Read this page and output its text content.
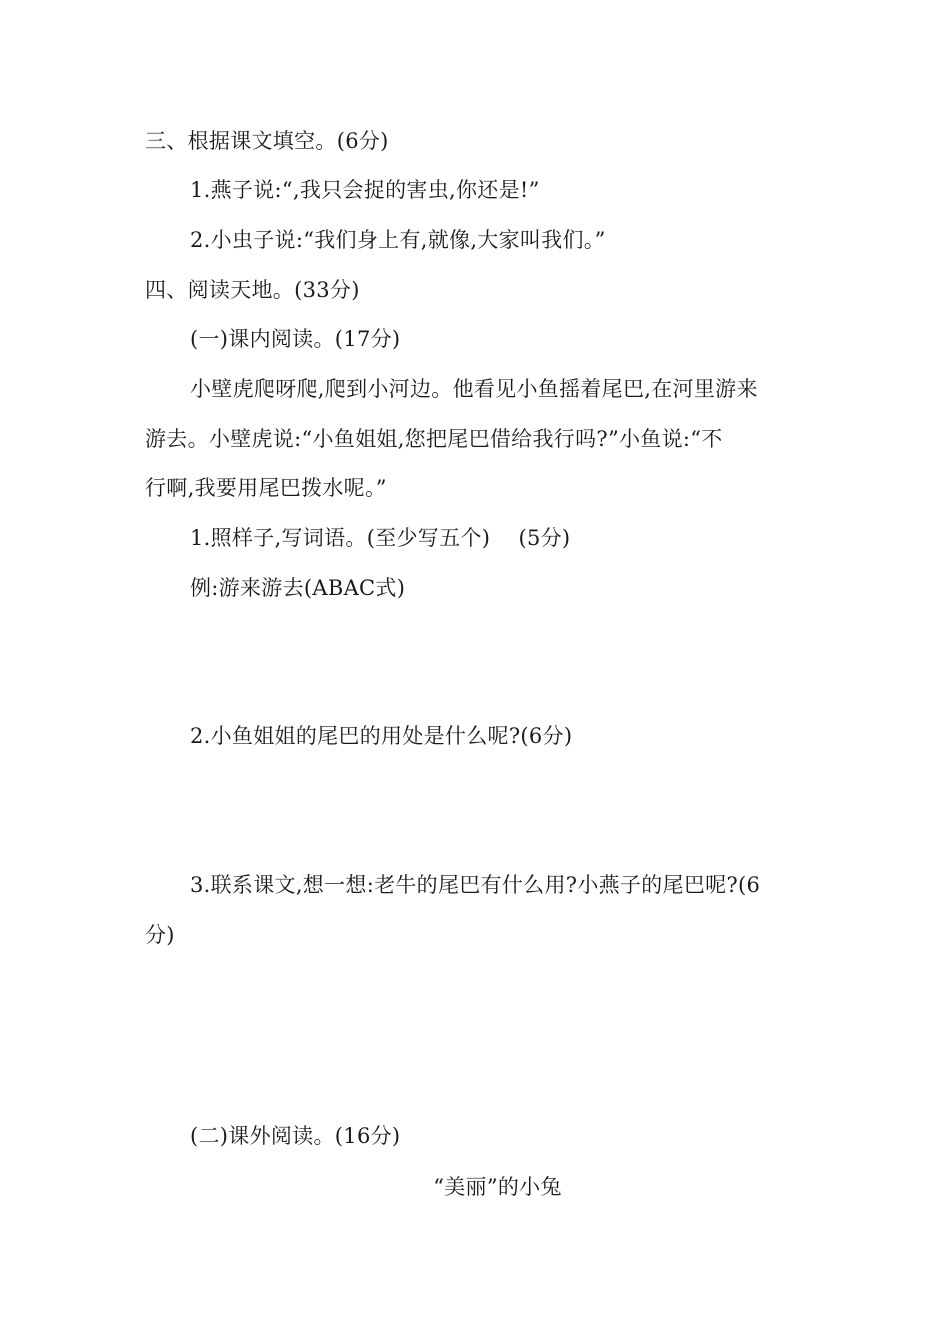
三、根据课文填空。(6分)
1.燕子说:“,我只会捉的害虫,你还是!”
2.小虫子说:“我们身上有,就像,大家叫我们。”
四、阅读天地。(33分)
(一)课内阅读。(17分)
小壁虎爬呀爬,爬到小河边。他看见小鱼摇着尾巴,在河里游来
游去。小壁虎说:“小鱼姐姐,您把尾巴借给我行吗?”小鱼说:“不
行啊,我要用尾巴拨水呢。”
1.照样子,写词语。(至少写五个)　 (5分)
例:游来游去(ABAC式)
2.小鱼姐姐的尾巴的用处是什么呢?(6分)
3.联系课文,想一想:老牛的尾巴有什么用?小燕子的尾巴呢?(6
分)
(二)课外阅读。(16分)
“美丽”的小兔
